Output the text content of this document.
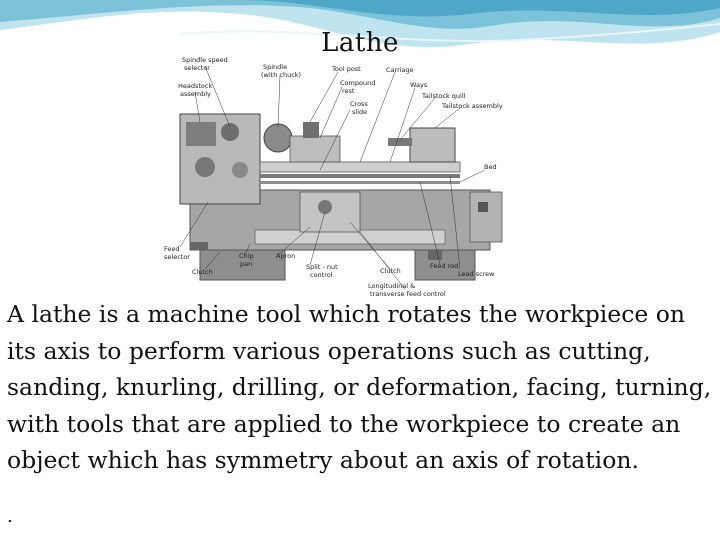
Lathe
Spindle speed
selector
Headstock
assembly
Spindle
(with chuck)
Tool post	Carriage
Compound
rest
Ways
Tailstock quill
Tailstock assembly
Cross
slide
Bed
Feed
selector	Chip
pan
Apron
Split - nut
control
Clutch	Clutch
Feed rod
Lead screw
Longitudinal &
transverse feed control
A lathe is a machine tool which rotates the workpiece on its axis to perform various operations such as cutting, sanding, knurling, drilling, or deformation, facing, turning, with tools that are applied to the workpiece to create an object which has symmetry about an axis of rotation.
.
